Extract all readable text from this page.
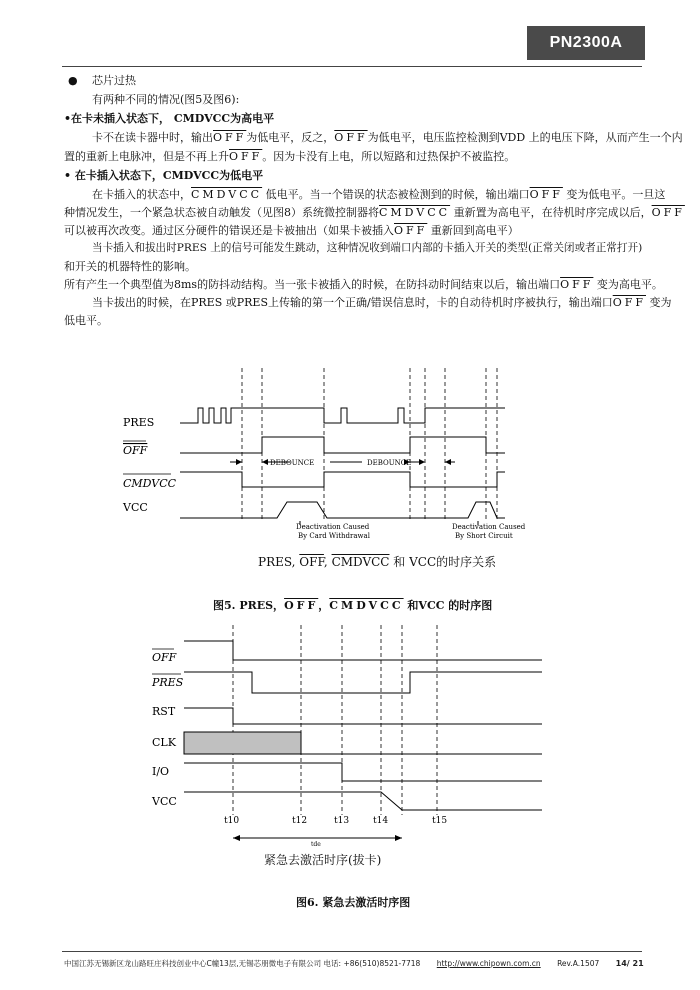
PN2300A
● 芯片过热
有两种不同的情况(图5及图6):
•在卡未插入状态下， CMDVCC为高电平
卡不在读卡器中时，输出$\overline{OFF}$为低电平，反之，$\overline{OFF}$为低电平，电压监控检测到VDD 上的电压下降，从而产生一个内
置的重新上电脉冲，但是不再上升$\overline{OFF}$。因为卡没有上电，所以短路和过热保护不被监控。
• 在卡插入状态下，CMDVCC为低电平
在卡插入的状态中，CMDVCC 低电平。当一个错误的状态被检测到的时候，输出端口$\overline{OFF}$ 变为低电平。一旦这
种情况发生，一个紧急状态被自动触发（见图8）系统微控制器将CMDVCC 重新置为高电平，在待机时序完成以后，$\overline{OFF}$
可以被再次改变。通过区分硬件的错误还是卡被抽出（如果卡被插入$\overline{OFF}$ 重新回到高电平）
当卡插入和拔出时PRES 上的信号可能发生跳动，这种情况收到端口内部的卡插入开关的类型(正常关闭或者正常打开)
和开关的机器特性的影响。
所有产生一个典型值为8ms的防抖动结构。当一张卡被插入的时候，在防抖动时间结束以后，输出端口$\overline{OFF}$ 变为高电平。
当卡拔出的时候，在PRES 或PRES上传输的第一个正确/错误信息时，卡的自动待机时序被执行，输出端口$\overline{OFF}$ 变为
低电平。
PRES
OFF
CMDVCC
VCC
DEBOUNCE	DEBOUNCE
Deactivation Caused
By Card Withdrawal
Deactivation Caused
By Short Circuit
PRES, $\overline{OFF}$, CMDVCC 和 VCC的时序关系
图5. PRES，$\overline{OFF}$，CMDVCC 和VCC 的时序图
OFF
PRES
RST
CLK
I/O
VCC
t10	t12	t13	t14	t15
tde
紧急去激活时序(拔卡)
图6. 紧急去激活时序图
中国江苏无锡新区龙山路旺庄科技创业中心C幢13层,无锡芯朋微电子有限公司 电话: +86(510)8521-7718 http://www.chipown.com.cn Rev.A.1507 14/ 21
